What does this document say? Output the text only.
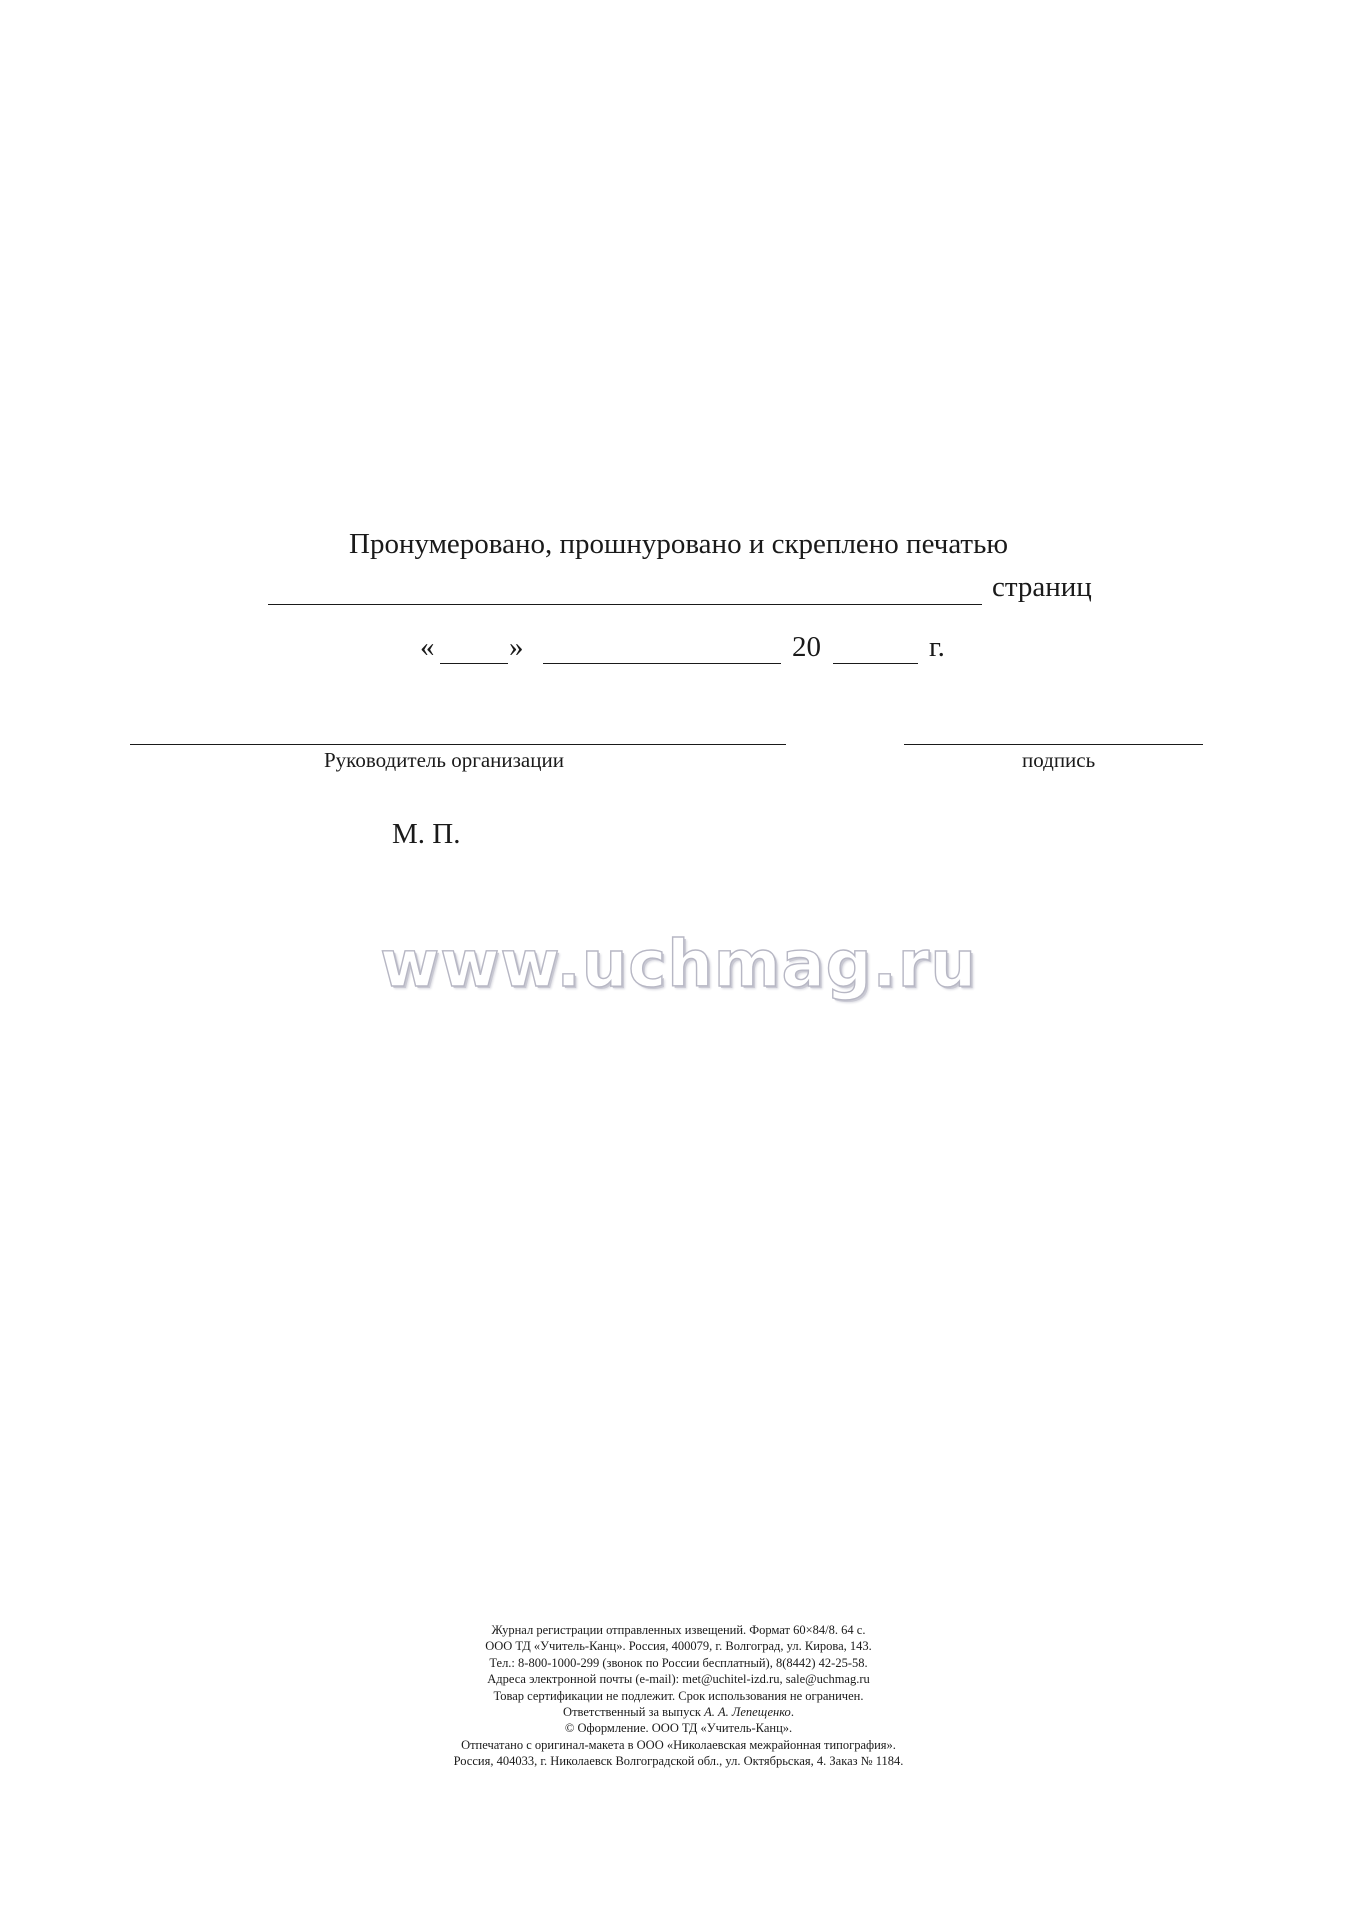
Пронумеровано, прошнуровано и скреплено печатью
страниц
«	»	20	г.
Руководитель организации	подпись
М. П.
www.uchmag.ru
Журнал регистрации отправленных извещений. Формат 60×84/8. 64 с.
ООО ТД «Учитель-Канц». Россия, 400079, г. Волгоград, ул. Кирова, 143.
Тел.: 8-800-1000-299 (звонок по России бесплатный), 8(8442) 42-25-58.
Адреса электронной почты (e-mail): met@uchitel-izd.ru, sale@uchmag.ru
Товар сертификации не подлежит. Срок использования не ограничен.
Ответственный за выпуск А. А. Лепещенко.
© Оформление. ООО ТД «Учитель-Канц».
Отпечатано с оригинал-макета в ООО «Николаевская межрайонная типография».
Россия, 404033, г. Николаевск Волгоградской обл., ул. Октябрьская, 4. Заказ № 1184.
